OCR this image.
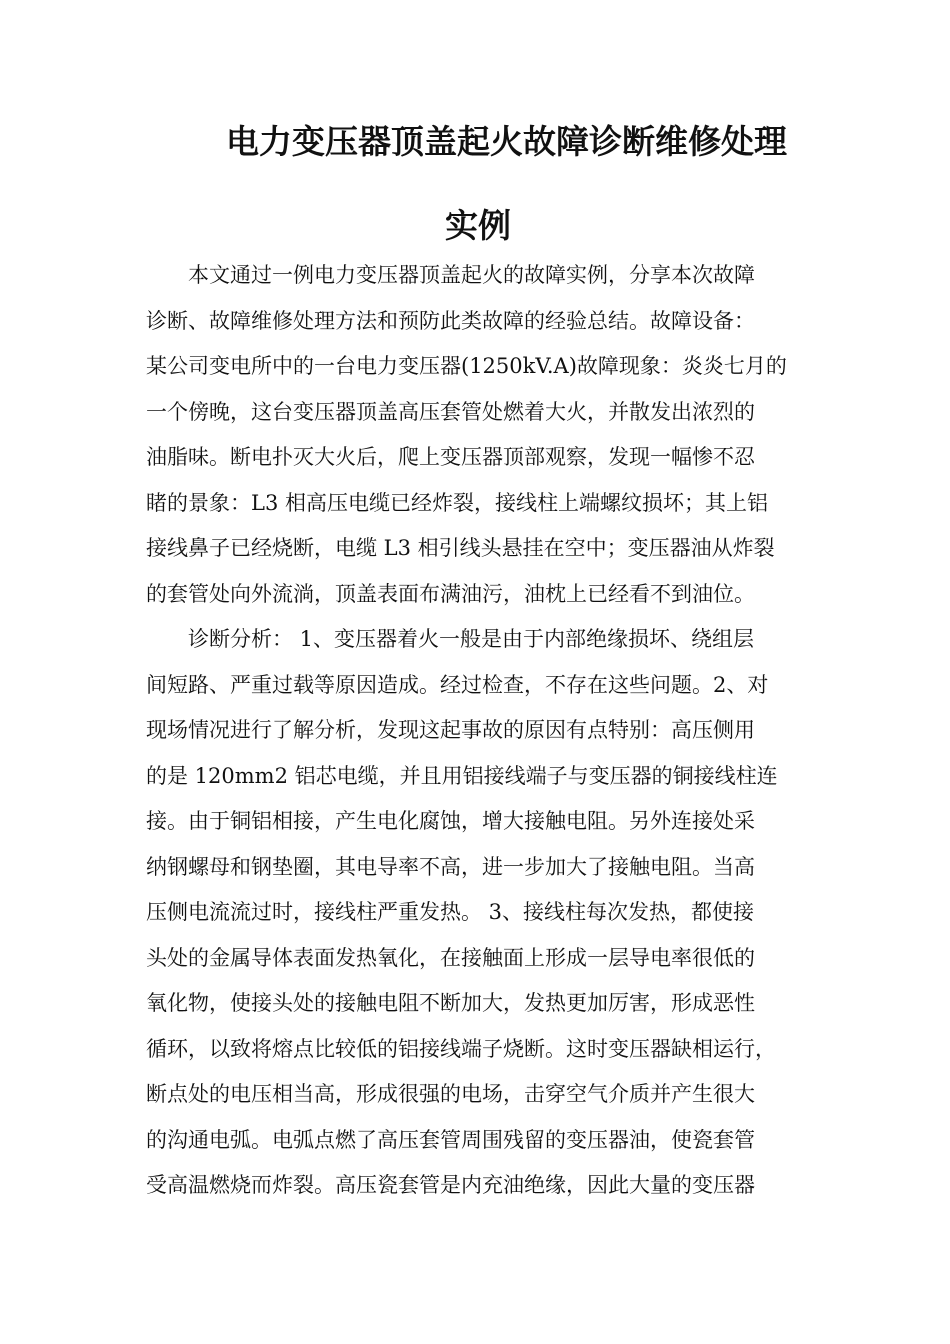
电力变压器顶盖起火故障诊断维修处理
实例
本文通过一例电力变压器顶盖起火的故障实例，分享本次故障
诊断、故障维修处理方法和预防此类故障的经验总结。故障设备：
某公司变电所中的一台电力变压器(1250kV.A)故障现象：炎炎七月的
一个傍晚，这台变压器顶盖高压套管处燃着大火，并散发出浓烈的
油脂味。断电扑灭大火后，爬上变压器顶部观察，发现一幅惨不忍
睹的景象：L3 相高压电缆已经炸裂，接线柱上端螺纹损坏；其上铝
接线鼻子已经烧断，电缆 L3 相引线头悬挂在空中；变压器油从炸裂
的套管处向外流淌，顶盖表面布满油污，油枕上已经看不到油位。
诊断分析： 1、变压器着火一般是由于内部绝缘损坏、绕组层
间短路、严重过载等原因造成。经过检查，不存在这些问题。2、对
现场情况进行了解分析，发现这起事故的原因有点特别：高压侧用
的是 120mm2 铝芯电缆，并且用铝接线端子与变压器的铜接线柱连
接。由于铜铝相接，产生电化腐蚀，增大接触电阻。另外连接处采
纳钢螺母和钢垫圈，其电导率不高，进一步加大了接触电阻。当高
压侧电流流过时，接线柱严重发热。 3、接线柱每次发热，都使接
头处的金属导体表面发热氧化，在接触面上形成一层导电率很低的
氧化物，使接头处的接触电阻不断加大，发热更加厉害，形成恶性
循环，以致将熔点比较低的铝接线端子烧断。这时变压器缺相运行，
断点处的电压相当高，形成很强的电场，击穿空气介质并产生很大
的沟通电弧。电弧点燃了高压套管周围残留的变压器油，使瓷套管
受高温燃烧而炸裂。高压瓷套管是内充油绝缘，因此大量的变压器
